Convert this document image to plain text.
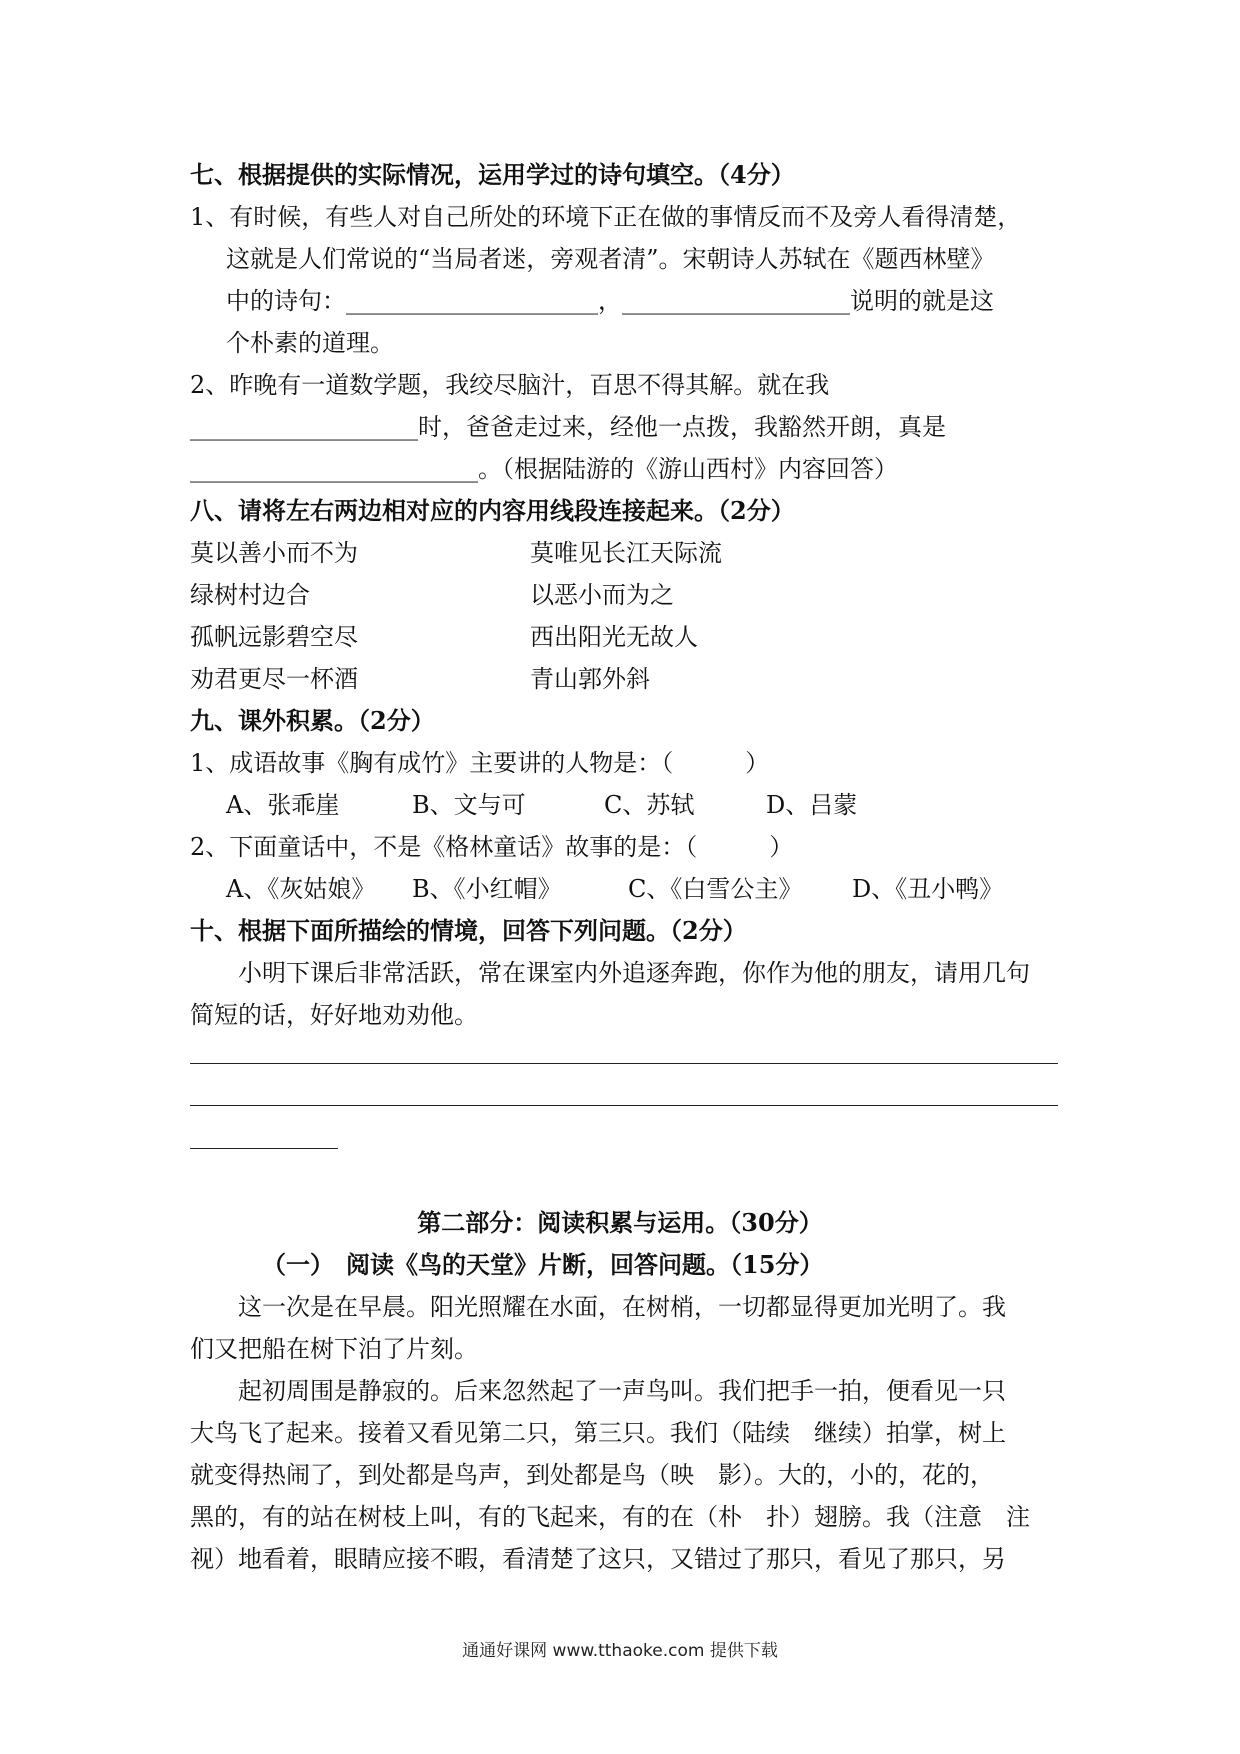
七、根据提供的实际情况，运用学过的诗句填空。（4分）
1、有时候，有些人对自己所处的环境下正在做的事情反而不及旁人看得清楚，
这就是人们常说的“当局者迷，旁观者清”。宋朝诗人苏轼在《题西林壁》
中的诗句：_____________________，___________________说明的就是这
个朴素的道理。
2、昨晚有一道数学题，我绞尽脑汁，百思不得其解。就在我
___________________时，爸爸走过来，经他一点拨，我豁然开朗，真是
________________________。（根据陆游的《游山西村》内容回答）
八、请将左右两边相对应的内容用线段连接起来。（2分）
莫以善小而不为	莫唯见长江天际流
绿树村边合	以恶小而为之
孤帆远影碧空尽	西出阳光无故人
劝君更尽一杯酒	青山郭外斜
九、课外积累。（2分）
1、成语故事《胸有成竹》主要讲的人物是：（　　　）
A、张乖崖	B、文与可	C、苏轼	D、吕蒙
2、下面童话中，不是《格林童话》故事的是：（　　　）
A、《灰姑娘》 B、《小红帽》	C、《白雪公主》 D、《丑小鸭》
十、根据下面所描绘的情境，回答下列问题。（2分）
小明下课后非常活跃，常在课室内外追逐奔跑，你作为他的朋友，请用几句
简短的话，好好地劝劝他。
第二部分：阅读积累与运用。（30分）
（一）　阅读《鸟的天堂》片断，回答问题。（15分）
这一次是在早晨。阳光照耀在水面，在树梢，一切都显得更加光明了。我
们又把船在树下泊了片刻。
起初周围是静寂的。后来忽然起了一声鸟叫。我们把手一拍，便看见一只
大鸟飞了起来。接着又看见第二只，第三只。我们（陆续　继续）拍掌，树上
就变得热闹了，到处都是鸟声，到处都是鸟（映　影）。大的，小的，花的，
黑的，有的站在树枝上叫，有的飞起来，有的在（朴　扑）翅膀。我（注意　注
视）地看着，眼睛应接不暇，看清楚了这只，又错过了那只，看见了那只，另
通通好课网 www.tthaoke.com 提供下载
